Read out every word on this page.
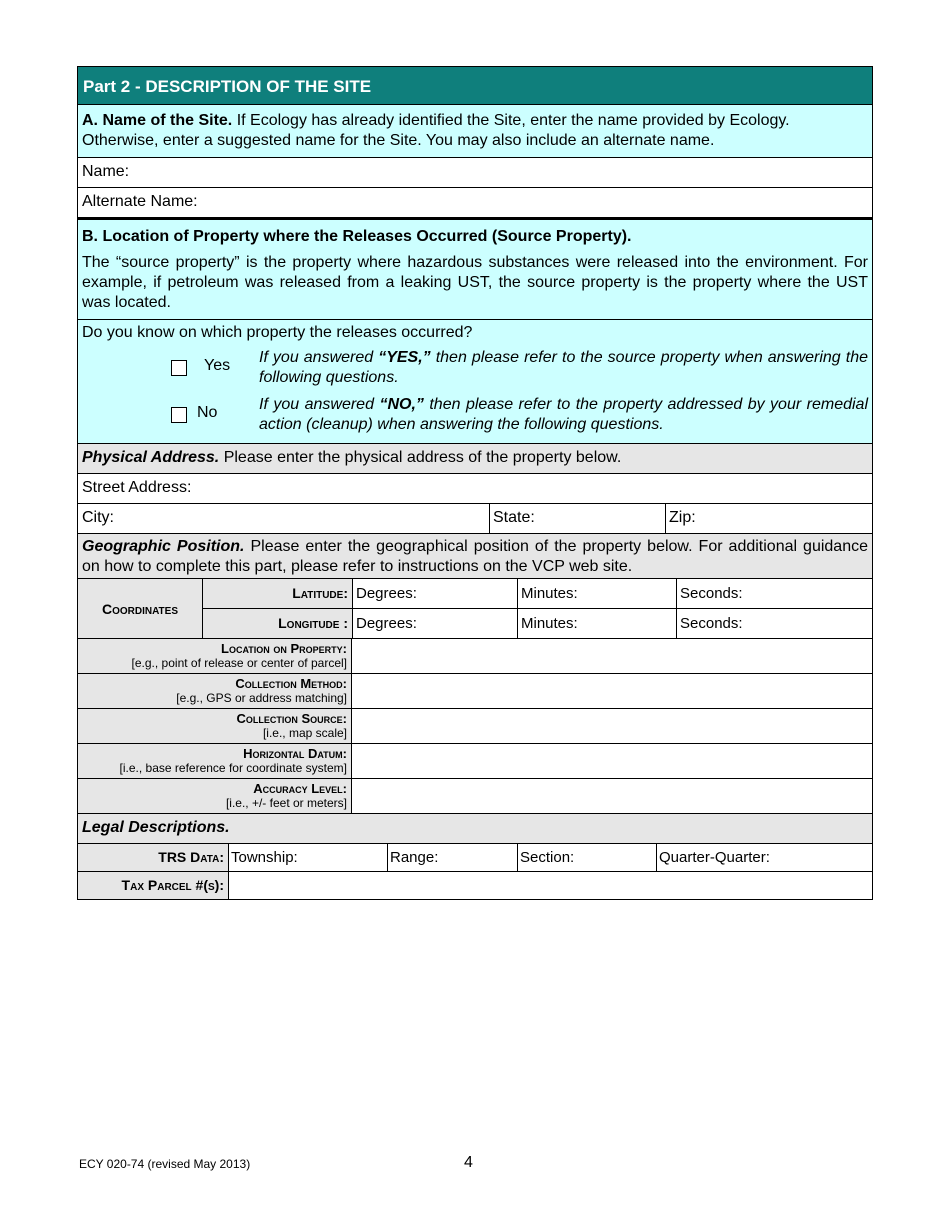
Part 2 - DESCRIPTION OF THE SITE
A. Name of the Site. If Ecology has already identified the Site, enter the name provided by Ecology. Otherwise, enter a suggested name for the Site. You may also include an alternate name.
Name:
Alternate Name:
B. Location of Property where the Releases Occurred (Source Property).
The “source property” is the property where hazardous substances were released into the environment. For example, if petroleum was released from a leaking UST, the source property is the property where the UST was located.
Do you know on which property the releases occurred?
Yes	If you answered “YES,” then please refer to the source property when answering the following questions.
No	If you answered “NO,” then please refer to the property addressed by your remedial action (cleanup) when answering the following questions.
Physical Address. Please enter the physical address of the property below.
Street Address:
City:	State:	Zip:
Geographic Position. Please enter the geographical position of the property below. For additional guidance on how to complete this part, please refer to instructions on the VCP web site.
Coordinates
Latitude: Degrees:	Minutes:	Seconds:
Longitude : Degrees:	Minutes:	Seconds:
Location on Property:
[e.g., point of release or center of parcel]
Collection Method:
[e.g., GPS or address matching]
Collection Source:
[i.e., map scale]
Horizontal Datum:
[i.e., base reference for coordinate system]
Accuracy Level:
[i.e., +/- feet or meters]
Legal Descriptions.
TRS Data: Township:	Range:	Section:	Quarter-Quarter:
Tax Parcel #(s):
ECY 020-74 (revised May 2013)	4
